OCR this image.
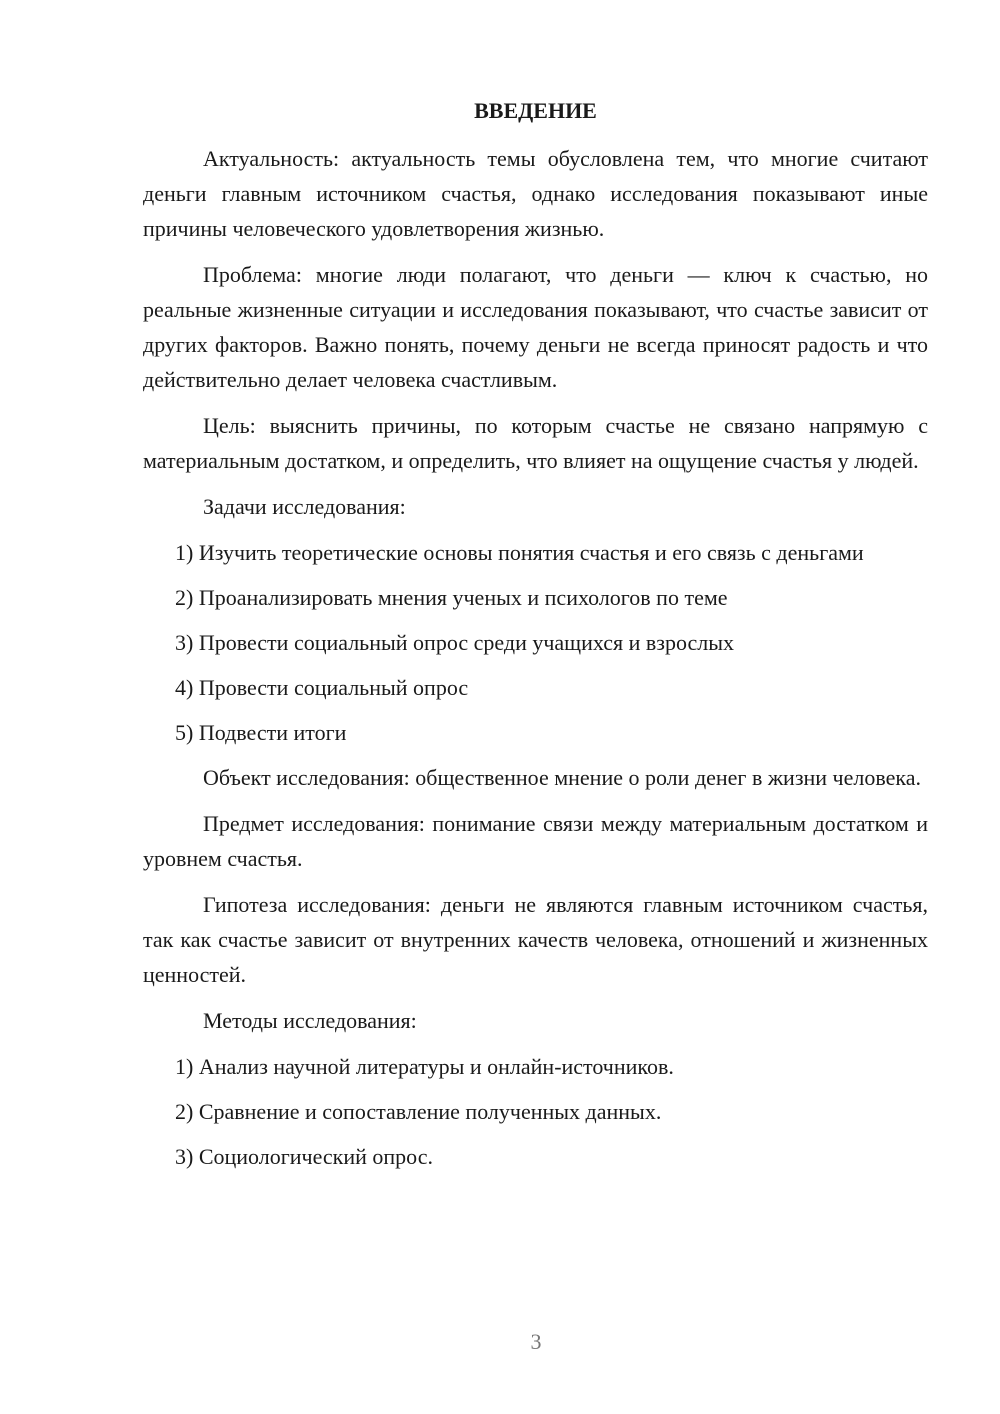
ВВЕДЕНИЕ

Актуальность: актуальность темы обусловлена тем, что многие считают деньги главным источником счастья, однако исследования показывают иные причины человеческого удовлетворения жизнью.

Проблема: многие люди полагают, что деньги — ключ к счастью, но реальные жизненные ситуации и исследования показывают, что счастье зависит от других факторов. Важно понять, почему деньги не всегда приносят радость и что действительно делает человека счастливым.

Цель: выяснить причины, по которым счастье не связано напрямую с материальным достатком, и определить, что влияет на ощущение счастья у людей.

Задачи исследования:

1) Изучить теоретические основы понятия счастья и его связь с деньгами

2) Проанализировать мнения ученых и психологов по теме

3) Провести социальный опрос среди учащихся и взрослых

4) Провести социальный опрос

5) Подвести итоги

Объект исследования: общественное мнение о роли денег в жизни человека.

Предмет исследования: понимание связи между материальным достатком и уровнем счастья.

Гипотеза исследования: деньги не являются главным источником счастья, так как счастье зависит от внутренних качеств человека, отношений и жизненных ценностей.

Методы исследования:

1) Анализ научной литературы и онлайн-источников.

2) Сравнение и сопоставление полученных данных.

3) Социологический опрос.

3
